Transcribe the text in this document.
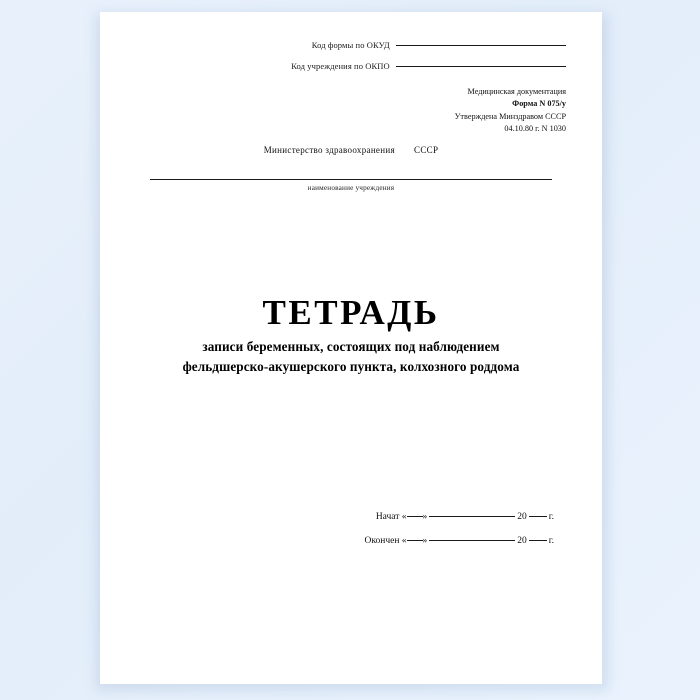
Код формы по ОКУД
Код учреждения по ОКПО
Медицинская документация
Форма N 075/у
Утверждена Минздравом СССР
04.10.80 г. N 1030
Министерство здравоохранения СССР
наименование учреждения
ТЕТРАДЬ
записи беременных, состоящих под наблюдением
фельдшерско-акушерского пункта, колхозного роддома
Начат « »	20 г.
Окончен « »	20 г.
